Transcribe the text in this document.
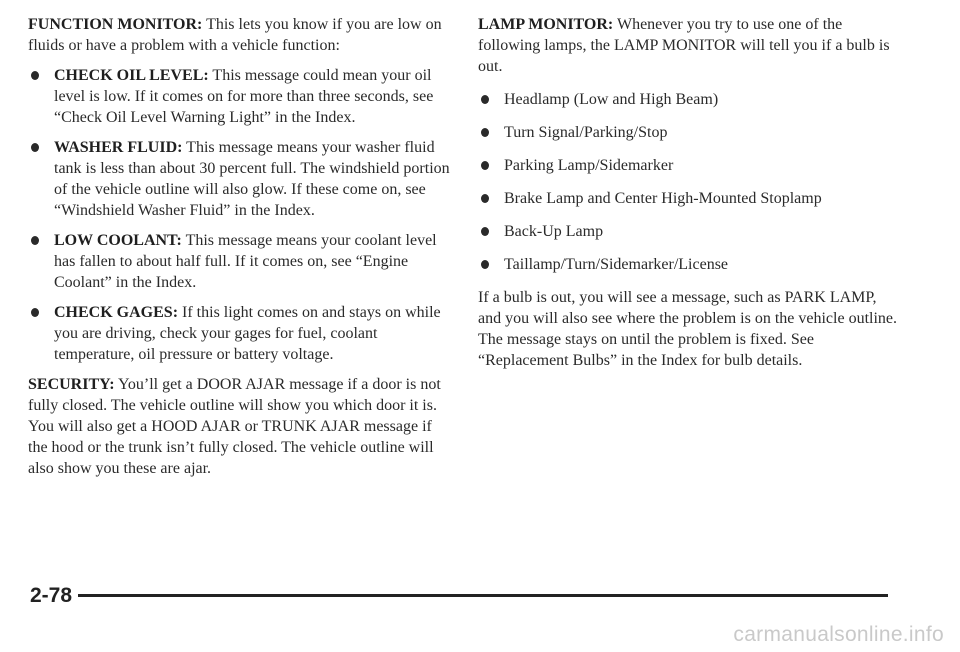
FUNCTION MONITOR: This lets you know if you are low on fluids or have a problem with a vehicle function:

CHECK OIL LEVEL: This message could mean your oil level is low. If it comes on for more than three seconds, see “Check Oil Level Warning Light” in the Index.
WASHER FLUID: This message means your washer fluid tank is less than about 30 percent full. The windshield portion of the vehicle outline will also glow. If these come on, see “Windshield Washer Fluid” in the Index.
LOW COOLANT: This message means your coolant level has fallen to about half full. If it comes on, see “Engine Coolant” in the Index.
CHECK GAGES: If this light comes on and stays on while you are driving, check your gages for fuel, coolant temperature, oil pressure or battery voltage.

SECURITY: You’ll get a DOOR AJAR message if a door is not fully closed. The vehicle outline will show you which door it is. You will also get a HOOD AJAR or TRUNK AJAR message if the hood or the trunk isn’t fully closed. The vehicle outline will also show you these are ajar.

LAMP MONITOR: Whenever you try to use one of the following lamps, the LAMP MONITOR will tell you if a bulb is out.

Headlamp (Low and High Beam)
Turn Signal/Parking/Stop
Parking Lamp/Sidemarker
Brake Lamp and Center High-Mounted Stoplamp
Back-Up Lamp
Taillamp/Turn/Sidemarker/License

If a bulb is out, you will see a message, such as PARK LAMP, and you will also see where the problem is on the vehicle outline. The message stays on until the problem is fixed. See “Replacement Bulbs” in the Index for bulb details.

2-78
carmanualsonline.info
